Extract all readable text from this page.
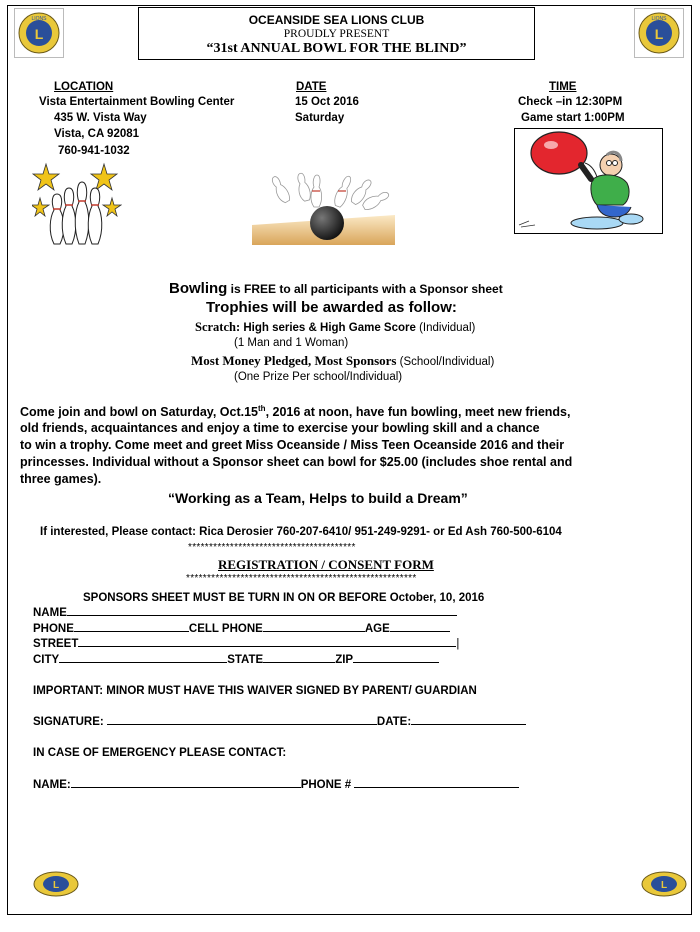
L
LIONS
L
LIONS
OCEANSIDE SEA LIONS CLUB
PROUDLY PRESENT
“31st ANNUAL BOWL FOR THE BLIND”
LOCATION
Vista Entertainment Bowling Center
435 W. Vista Way
Vista, CA 92081
760-941-1032
DATE
15 Oct 2016
Saturday
TIME
Check –in 12:30PM
Game start 1:00PM
Bowling is FREE to all participants with a Sponsor sheet
Trophies will be awarded as follow:
Scratch: High series & High Game Score (Individual)
(1 Man and 1 Woman)
Most Money Pledged, Most Sponsors (School/Individual)
(One Prize Per school/Individual)
Come join and bowl on Saturday, Oct.15th, 2016 at noon, have fun bowling, meet new friends,
old friends, acquaintances and enjoy a time to exercise your bowling skill and a chance
to win a trophy. Come meet and greet Miss Oceanside / Miss Teen Oceanside 2016 and their
princesses. Individual without a Sponsor sheet can bowl for $25.00 (includes shoe rental and
three games).
“Working as a Team, Helps to build a Dream”
If interested, Please contact: Rica Derosier 760-207-6410/ 951-249-9291- or Ed Ash 760-500-6104
****************************************
REGISTRATION / CONSENT FORM
*******************************************************
SPONSORS SHEET MUST BE TURN IN ON OR BEFORE October, 10, 2016
NAME
PHONE	CELL PHONE	AGE
STREET	|
CITY	STATE	ZIP
IMPORTANT: MINOR MUST HAVE THIS WAIVER SIGNED BY PARENT/ GUARDIAN
SIGNATURE:	DATE:
IN CASE OF EMERGENCY PLEASE CONTACT:
NAME:	PHONE #
L	L
